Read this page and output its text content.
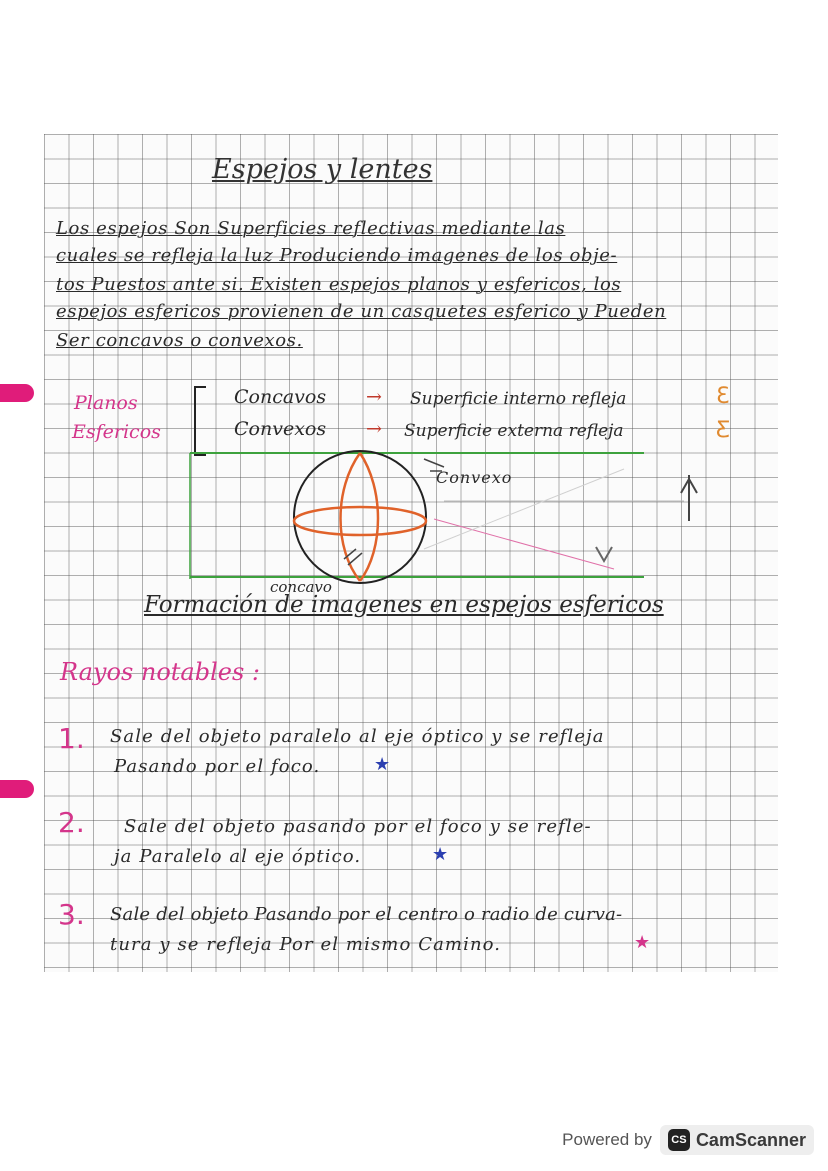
Espejos y lentes

Los espejos Son Superficies reflectivas mediante las

cuales se refleja la luz Produciendo imagenes de los obje-

tos Puestos ante si. Existen espejos planos y esfericos, los

espejos esfericos provienen de un casquetes esferico y Pueden

Ser concavos o convexos.

Planos

Esfericos

Concavos → Superficie interno refleja	Ɛ

Convexos → Superficie externa refleja	Ƹ

Convexo

concavo

Formación de imagenes en espejos esfericos

Rayos notables :

1. Sale del objeto paralelo al eje óptico y se refleja

Pasando por el foco.	★

2. Sale del objeto pasando por el foco y se refle-

ja Paralelo al eje óptico.	★

3. Sale del objeto Pasando por el centro o radio de curva-

tura y se refleja Por el mismo Camino.	★
Powered by	CS CamScanner
